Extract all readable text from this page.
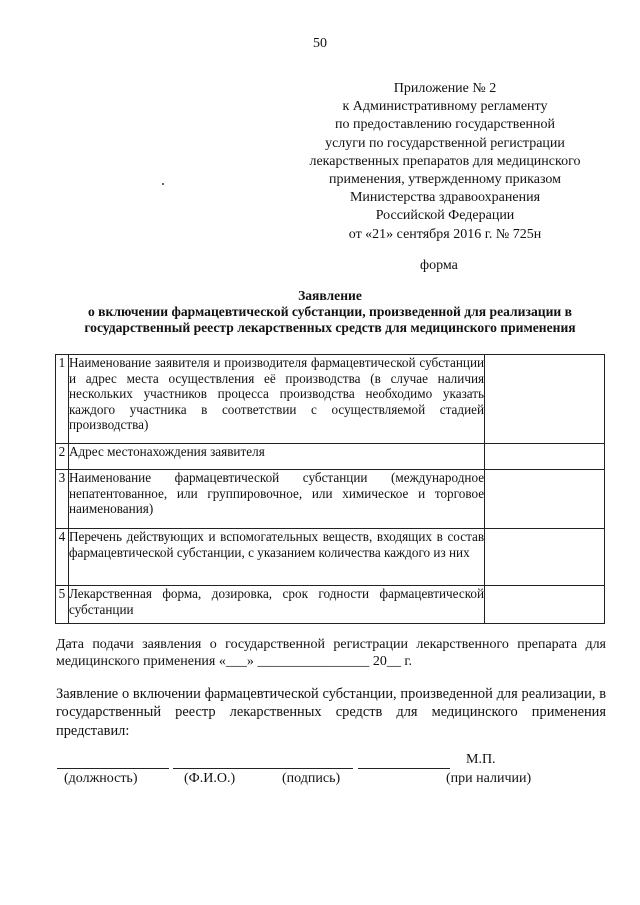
50
Приложение № 2
к Административному регламенту
по предоставлению государственной
услуги по государственной регистрации
лекарственных препаратов для медицинского
применения, утвержденному приказом
Министерства здравоохранения
Российской Федерации
от «21» сентября 2016 г. № 725н
форма
Заявление
о включении фармацевтической субстанции, произведенной для реализации в
государственный реестр лекарственных средств для медицинского применения
1	Наименование заявителя и производителя фармацевтической субстанции и адрес места осуществления её производства (в случае наличия нескольких участников процесса производства необходимо указать каждого участника в соответствии с осуществляемой стадией производства)	
2	Адрес местонахождения заявителя	
3	Наименование фармацевтической субстанции (международное непатентованное, или группировочное, или химическое и торговое наименования)	
4	Перечень действующих и вспомогательных веществ, входящих в состав фармацевтической субстанции, с указанием количества каждого из них	
5	Лекарственная форма, дозировка, срок годности фармацевтической субстанции	
Дата подачи заявления о государственной регистрации лекарственного препарата для медицинского применения «___» ________________ 20__ г.
Заявление о включении фармацевтической субстанции, произведенной для реализации, в государственный реестр лекарственных средств для медицинского применения представил:
М.П.
(должность)	(Ф.И.О.)	(подпись)	(при наличии)
